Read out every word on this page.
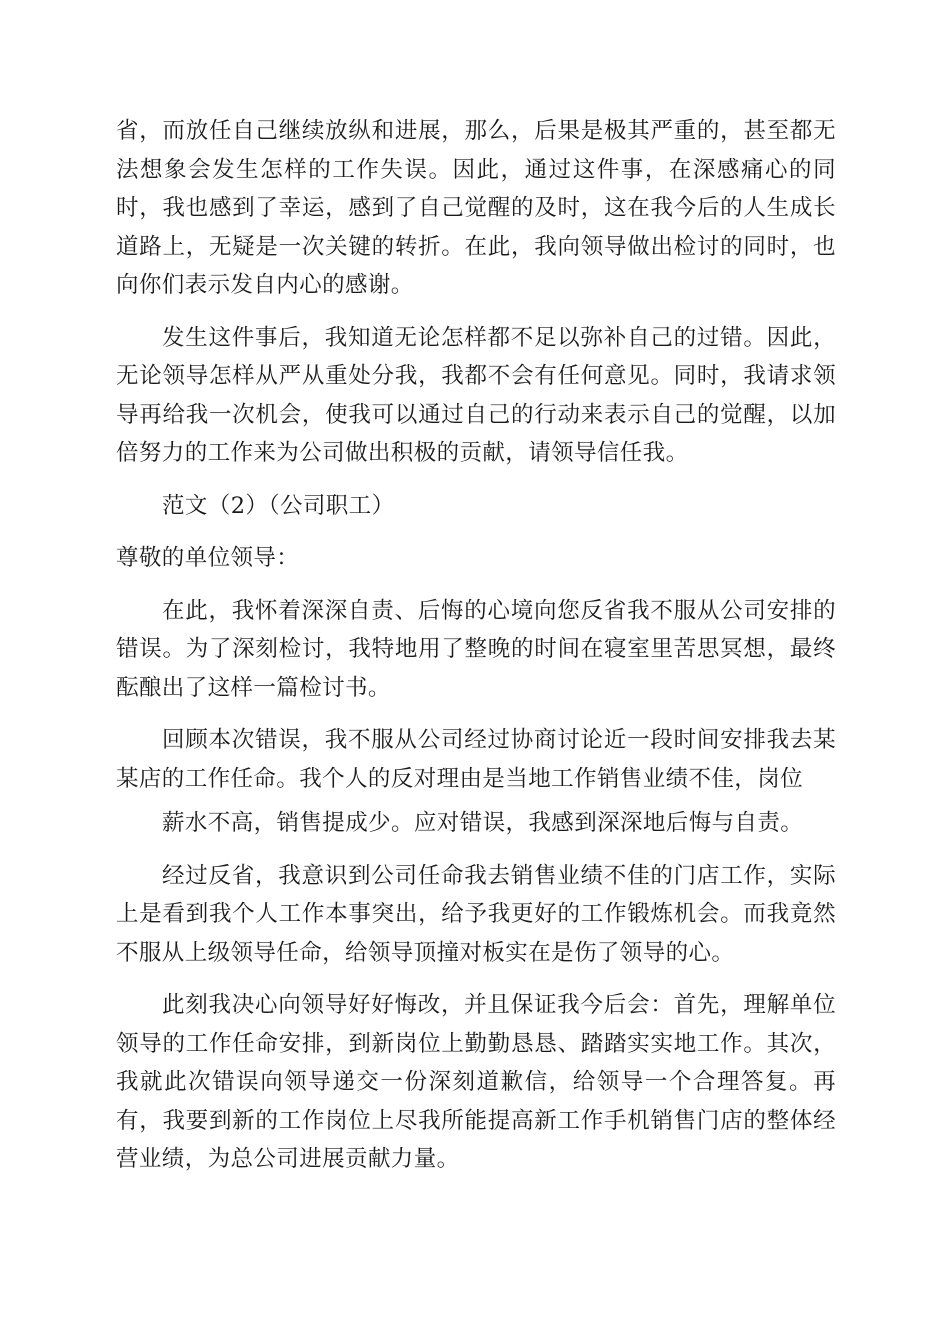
省，而放任自己继续放纵和进展，那么，后果是极其严重的，甚至都无法想象会发生怎样的工作失误。因此，通过这件事，在深感痛心的同时，我也感到了幸运，感到了自己觉醒的及时，这在我今后的人生成长道路上，无疑是一次关键的转折。在此，我向领导做出检讨的同时，也向你们表示发自内心的感谢。

发生这件事后，我知道无论怎样都不足以弥补自己的过错。因此，无论领导怎样从严从重处分我，我都不会有任何意见。同时，我请求领导再给我一次机会，使我可以通过自己的行动来表示自己的觉醒，以加倍努力的工作来为公司做出积极的贡献，请领导信任我。

范文（2）（公司职工）

尊敬的单位领导：

在此，我怀着深深自责、后悔的心境向您反省我不服从公司安排的错误。为了深刻检讨，我特地用了整晚的时间在寝室里苦思冥想，最终酝酿出了这样一篇检讨书。

回顾本次错误，我不服从公司经过协商讨论近一段时间安排我去某某店的工作任命。我个人的反对理由是当地工作销售业绩不佳，岗位

薪水不高，销售提成少。应对错误，我感到深深地后悔与自责。

经过反省，我意识到公司任命我去销售业绩不佳的门店工作，实际上是看到我个人工作本事突出，给予我更好的工作锻炼机会。而我竟然不服从上级领导任命，给领导顶撞对板实在是伤了领导的心。

此刻我决心向领导好好悔改，并且保证我今后会：首先，理解单位领导的工作任命安排，到新岗位上勤勤恳恳、踏踏实实地工作。其次，我就此次错误向领导递交一份深刻道歉信，给领导一个合理答复。再有，我要到新的工作岗位上尽我所能提高新工作手机销售门店的整体经营业绩，为总公司进展贡献力量。
